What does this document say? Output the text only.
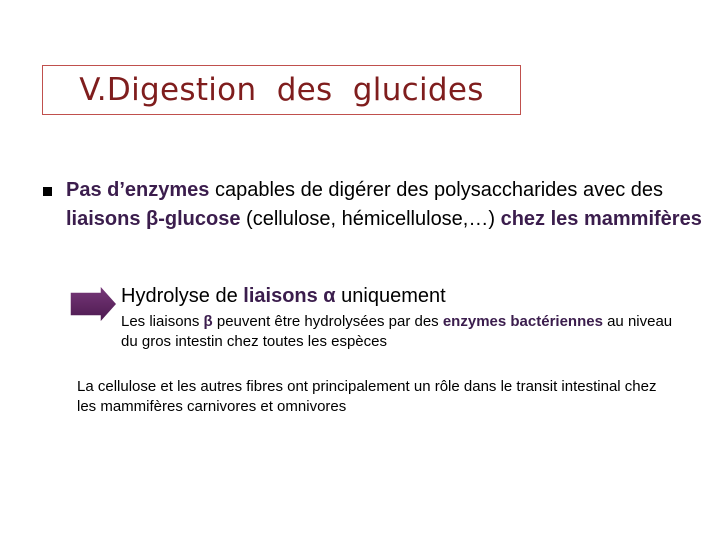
V.Digestion  des  glucides
Pas d’enzymes capables de digérer des polysaccharides avec des liaisons β-glucose (cellulose, hémicellulose,…) chez les mammifères
Hydrolyse de liaisons α uniquement
Les liaisons β peuvent être hydrolysées par des enzymes bactériennes au niveau du gros intestin chez toutes les espèces
La cellulose et les autres fibres ont principalement un rôle dans le transit intestinal chez les mammifères carnivores et omnivores
